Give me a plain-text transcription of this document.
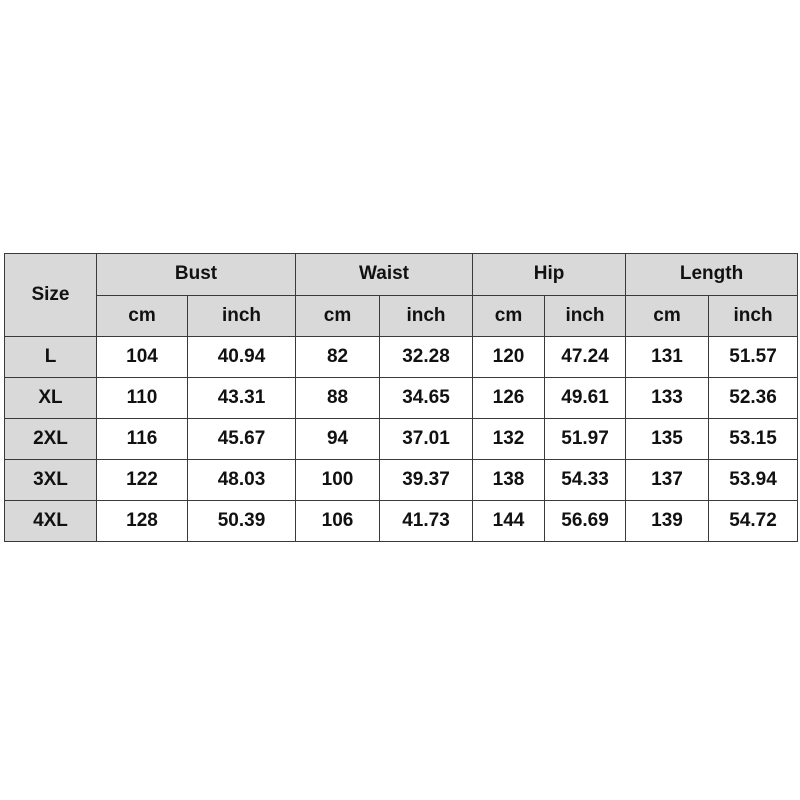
Size	Bust		Waist		Hip		Length	
	cm	inch	cm	inch	cm	inch	cm	inch
L	104	40.94	82	32.28	120	47.24	131	51.57
XL	110	43.31	88	34.65	126	49.61	133	52.36
2XL	116	45.67	94	37.01	132	51.97	135	53.15
3XL	122	48.03	100	39.37	138	54.33	137	53.94
4XL	128	50.39	106	41.73	144	56.69	139	54.72
